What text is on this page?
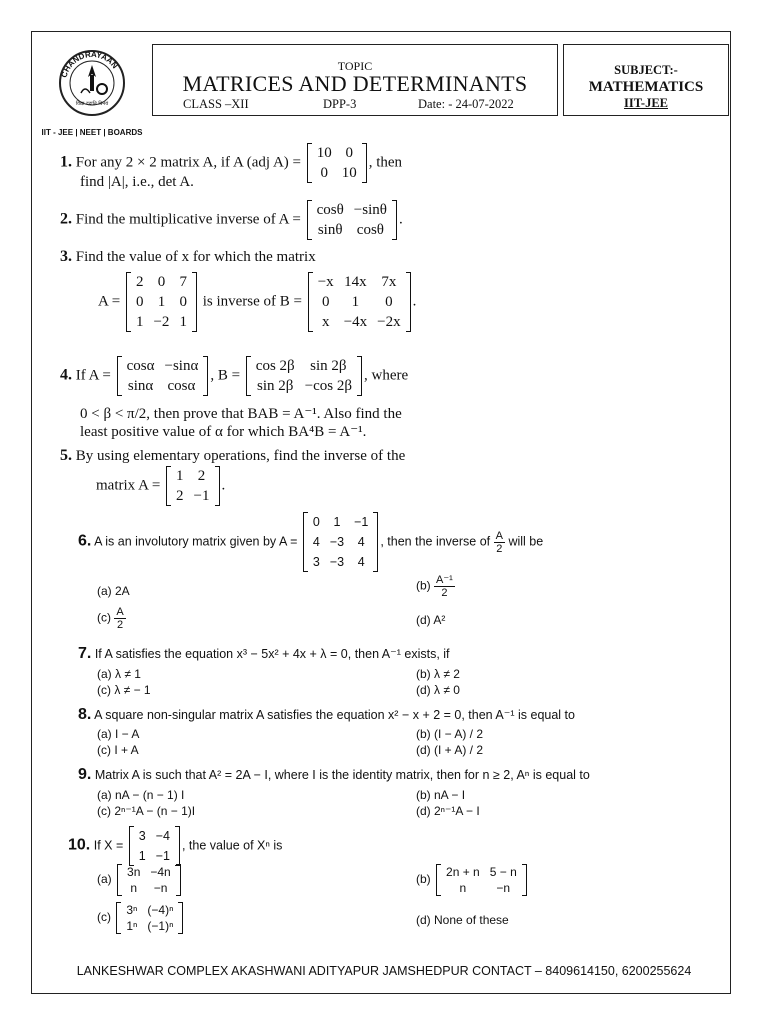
CHANDRAYAAN
विद्या ददाति विनयं
IIT - JEE | NEET | BOARDS
TOPIC
MATRICES AND DETERMINANTS
CLASS –XII	DPP-3	Date: - 24-07-2022
SUBJECT:-
MATHEMATICS
IIT-JEE
1. For any 2 × 2 matrix A, if A (adj A) =
10	0
0	10
, then
find |A|, i.e., det A.
2. Find the multiplicative inverse of A =
cosθ	−sinθ
sinθ	cosθ
.
3. Find the value of x for which the matrix
A =
2	0	7
0	1	0
1	−2	1
is inverse of B =
−x	14x	7x
0	1	0
x	−4x	−2x
.
4. If A =
cosα	−sinα
sinα	cosα
, B =
cos 2β	sin 2β
sin 2β	−cos 2β
, where
0 < β < π/2, then prove that BAB = A⁻¹. Also find the
least positive value of α for which BA⁴B = A⁻¹.
5. By using elementary operations, find the inverse of the
matrix A =
1	2
2	−1
.
6. A is an involutory matrix given by A =
0	1	−1
4	−3	4
3	−3	4
, then the inverse of $\frac{A}{2}$ will be
(a) 2A	$(b) \frac{\text{A⁻¹}}{2}$
$(c) \frac{A}{2}$	(d) A²
7. If A satisfies the equation x³ − 5x² + 4x + λ = 0, then A⁻¹ exists, if
(a) λ ≠ 1	(b) λ ≠ 2
(c) λ ≠ − 1	(d) λ ≠ 0
8. A square non-singular matrix A satisfies the equation x² − x + 2 = 0, then A⁻¹ is equal to
(a) I − A	(b) (I − A) / 2
(c) I + A	(d) (I + A) / 2
9. Matrix A is such that A² = 2A − I, where I is the identity matrix, then for n ≥ 2, Aⁿ is equal to
(a) nA − (n − 1) I	(b) nA − I
(c) 2ⁿ⁻¹A − (n − 1)I	(d) 2ⁿ⁻¹A − I
10. If X =
3	−4
1	−1
, the value of Xⁿ is
(a)
3n	−4n
n	−n
(b)
2n + n	5 − n
n	−n
(c)
3ⁿ	(−4)ⁿ
1ⁿ	(−1)ⁿ	(d) None of these
LANKESHWAR COMPLEX AKASHWANI ADITYAPUR JAMSHEDPUR CONTACT – 8409614150, 6200255624
